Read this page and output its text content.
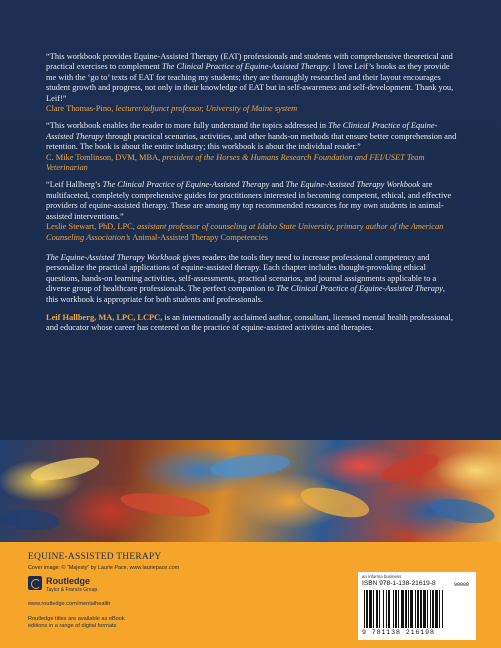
“This workbook provides Equine-Assisted Therapy (EAT) professionals and students with comprehensive theoretical and practical exercises to complement The Clinical Practice of Equine-Assisted Therapy. I love Leif’s books as they provide me with the ‘go to’ texts of EAT for teaching my students; they are thoroughly researched and their layout encourages student growth and progress, not only in their knowledge of EAT but in self-awareness and self-development. Thank you, Leif!”

Clare Thomas-Pino, lecturer/adjunct professor, University of Maine system

“This workbook enables the reader to more fully understand the topics addressed in The Clinical Practice of Equine-Assisted Therapy through practical scenarios, activities, and other hands-on methods that ensure better comprehension and retention. The book is about the entire industry; this workbook is about the individual reader.”

C. Mike Tomlinson, DVM, MBA, president of the Horses & Humans Research Foundation and FEI/USET Team Veterinarian

“Leif Hallberg’s The Clinical Practice of Equine-Assisted Therapy and The Equine-Assisted Therapy Workbook are multifaceted, completely comprehensive guides for practitioners interested in becoming competent, ethical, and effective providers of equine-assisted therapy. These are among my top recommended resources for my own students in animal-assisted interventions.”

Leslie Stewart, PhD, LPC, assistant professor of counseling at Idaho State University, primary author of the American Counseling Association’s Animal-Assisted Therapy Competencies

The Equine-Assisted Therapy Workbook gives readers the tools they need to increase professional competency and personalize the practical applications of equine-assisted therapy. Each chapter includes thought-provoking ethical questions, hands-on learning activities, self-assessments, practical scenarios, and journal assignments applicable to a diverse group of healthcare professionals. The perfect companion to The Clinical Practice of Equine-Assisted Therapy, this workbook is appropriate for both students and professionals.

Leif Hallberg, MA, LPC, LCPC, is an internationally acclaimed author, consultant, licensed mental health professional, and educator whose career has centered on the practice of equine-assisted activities and therapies.

EQUINE-ASSISTED THERAPY
Cover image: © “Majesty” by Laurie Pace, www.lauriepace.com
Routledge
Taylor & Francis Group
www.routledge.com/mentalhealth
Routledge titles are available as eBook editions in a range of digital formats
an informa business
ISBN 978-1-138-21619-8	90000
9 781138 216198
